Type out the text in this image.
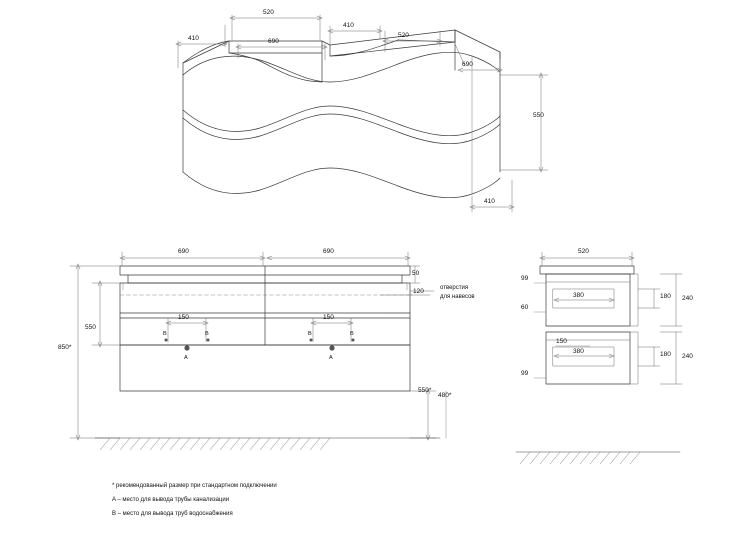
410
520
410
690
520
690
550
410
690	690
50
120
150	150
550
850*
550*
480*
B	B	B	B
A	A
отверстия
для навесов
520
380
380
150
99
60
99
180 240
180 240
* рекомендованный размер при стандартном подключении
A – место для вывода трубы канализации
B – место для вывода труб водоснабжения
